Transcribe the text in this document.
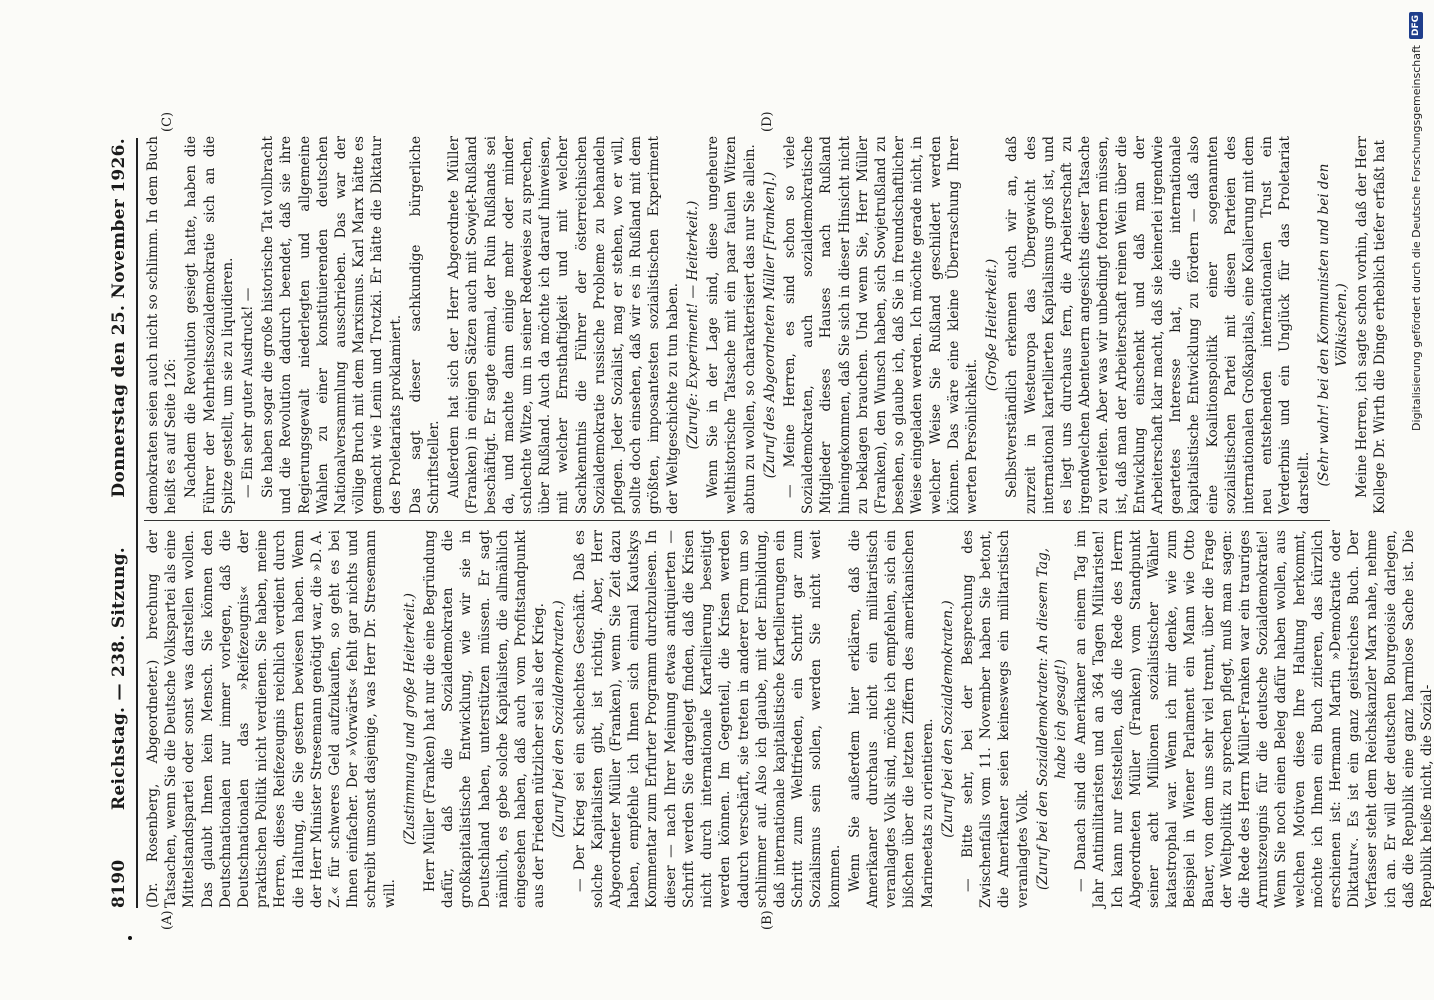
8190
Reichstag. — 238. Sitzung.
Donnerstag den 25. November 1926.
(A)	(B)
(C)	(D)

(Dr. Rosenberg, Abgeordneter.) brechung der Tatsachen, wenn Sie die Deutsche Volkspartei als eine Mittelstandspartei oder sonst was darstellen wollen. Das glaubt Ihnen kein Mensch. Sie können den Deutschnationalen nur immer vorlegen, daß die Deutschnationalen das »Reifezeugnis« der praktischen Politik nicht verdienen. Sie haben, meine Herren, dieses Reifezeugnis reichlich verdient durch die Haltung, die Sie gestern bewiesen haben. Wenn der Herr Minister Stresemann genötigt war, die »D. A. Z.« für schweres Geld aufzukaufen, so geht es bei Ihnen einfacher. Der »Vorwärts« fehlt gar nichts und schreibt umsonst dasjenige, was Herr Dr. Stresemann will.

(Zustimmung und große Heiterkeit.) Herr Müller (Franken) hat nur die eine Begründung dafür, daß die Sozialdemokraten die großkapitalistische Entwicklung, wie wir sie in Deutschland haben, unterstützen müssen. Er sagt nämlich, es gebe solche Kapitalisten, die allmählich eingesehen haben, daß auch vom Profitstandpunkt aus der Frieden nützlicher sei als der Krieg. (Zuruf bei den Sozialdemokraten.) — Der Krieg sei ein schlechtes Geschäft. Daß es solche Kapitalisten gibt, ist richtig. Aber, Herr Abgeordneter Müller (Franken), wenn Sie Zeit dazu haben, empfehle ich Ihnen sich einmal Kautskys Kommentar zum Erfurter Programm durchzulesen. In dieser — nach Ihrer Meinung etwas antiquierten — Schrift werden Sie dargelegt finden, daß die Krisen nicht durch internationale Kartellierung beseitigt werden können. Im Gegenteil, die Krisen werden dadurch verschärft, sie treten in anderer Form um so schlimmer auf. Also ich glaube, mit der Einbildung, daß internationale kapitalistische Kartellierungen ein Schritt zum Weltfrieden, ein Schritt gar zum Sozialismus sein sollen, werden Sie nicht weit kommen. Wenn Sie außerdem hier erklären, daß die Amerikaner durchaus nicht ein militaristisch veranlagtes Volk sind, möchte ich empfehlen, sich ein bißchen über die letzten Ziffern des amerikanischen Marineetats zu orientieren. (Zuruf bei den Sozialdemokraten.) — Bitte sehr, bei der Besprechung des Zwischenfalls vom 11. November haben Sie betont, die Amerikaner seien keineswegs ein militaristisch veranlagtes Volk. (Zuruf bei den Sozialdemokraten: An diesem Tag, habe ich gesagt!) — Danach sind die Amerikaner an einem Tag im Jahr Antimilitaristen und an 364 Tagen Militaristen! Ich kann nur feststellen, daß die Rede des Herrn Abgeordneten Müller (Franken) vom Standpunkt seiner acht Millionen sozialistischer Wähler katastrophal war. Wenn ich mir denke, wie zum Beispiel in Wiener Parlament ein Mann wie Otto Bauer, von dem uns sehr viel trennt, über die Frage der Weltpolitik zu sprechen pflegt, muß man sagen: die Rede des Herrn Müller-Franken war ein trauriges Armutszeugnis für die deutsche Sozialdemokratie! Wenn Sie noch einen Beleg dafür haben wollen, aus welchen Motiven diese Ihre Haltung herkommt, möchte ich Ihnen ein Buch zitieren, das kürzlich erschienen ist: Hermann Martin »Demokratie oder Diktatur«. Es ist ein ganz geistreiches Buch. Der Verfasser steht dem Reichskanzler Marx nahe, nehme ich an. Er will der deutschen Bourgeoisie darlegen, daß die Republik eine ganz harmlose Sache ist. Die Republik heiße nicht, die Sozial-

demokraten seien auch nicht so schlimm. In dem Buch heißt es auf Seite 126: Nachdem die Revolution gesiegt hatte, haben die Führer der Mehrheitssozialdemokratie sich an die Spitze gestellt, um sie zu liquidieren. — Ein sehr guter Ausdruck! — Sie haben sogar die große historische Tat vollbracht und die Revolution dadurch beendet, daß sie ihre Regierungsgewalt niederlegten und allgemeine Wahlen zu einer konstituierenden deutschen Nationalversammlung ausschrieben. Das war der völlige Bruch mit dem Marxismus. Karl Marx hätte es gemacht wie Lenin und Trotzki. Er hätte die Diktatur des Proletariats proklamiert. Das sagt dieser sachkundige bürgerliche Schriftsteller. Außerdem hat sich der Herr Abgeordnete Müller (Franken) in einigen Sätzen auch mit Sowjet-Rußland beschäftigt. Er sagte einmal, der Ruin Rußlands sei da, und machte dann einige mehr oder minder schlechte Witze, um in seiner Redeweise zu sprechen, über Rußland. Auch da möchte ich darauf hinweisen, mit welcher Ernsthaftigkeit und mit welcher Sachkenntnis die Führer der österreichischen Sozialdemokratie russische Probleme zu behandeln pflegen. Jeder Sozialist, mag er stehen, wo er will, sollte doch einsehen, daß wir es in Rußland mit dem größten, imposantesten sozialistischen Experiment der Weltgeschichte zu tun haben. (Zurufe: Experiment! — Heiterkeit.) Wenn Sie in der Lage sind, diese ungeheure welthistorische Tatsache mit ein paar faulen Witzen abtun zu wollen, so charakterisiert das nur Sie allein. (Zuruf des Abgeordneten Müller [Franken].) — Meine Herren, es sind schon so viele Sozialdemokraten, auch sozialdemokratische Mitglieder dieses Hauses nach Rußland hineingekommen, daß Sie sich in dieser Hinsicht nicht zu beklagen brauchen. Und wenn Sie, Herr Müller (Franken), den Wunsch haben, sich Sowjetrußland zu besehen, so glaube ich, daß Sie in freundschaftlicher Weise eingeladen werden. Ich möchte gerade nicht, in welcher Weise Sie Rußland geschildert werden können. Das wäre eine kleine Überraschung Ihrer werten Persönlichkeit.

(Große Heiterkeit.) Selbstverständlich erkennen auch wir an, daß zurzeit in Westeuropa das Übergewicht des international kartellierten Kapitalismus groß ist, und es liegt uns durchaus fern, die Arbeiterschaft zu irgendwelchen Abenteuern angesichts dieser Tatsache zu verleiten. Aber was wir unbedingt fordern müssen, ist, daß man der Arbeiterschaft reinen Wein über die Entwicklung einschenkt und daß man der Arbeiterschaft klar macht, daß sie keinerlei irgendwie geartetes Interesse hat, die internationale kapitalistische Entwicklung zu fördern — daß also eine Koalitionspolitik einer sogenannten sozialistischen Partei mit diesen Parteien des internationalen Großkapitals, eine Koalierung mit dem neu entstehenden internationalen Trust ein Verderbnis und ein Unglück für das Proletariat darstellt. (Sehr wahr! bei den Kommunisten und bei den Völkischen.) Meine Herren, ich sagte schon vorhin, daß der Herr Kollege Dr. Wirth die Dinge erheblich tiefer erfaßt hat Digitalisierung gefördert durch die Deutsche Forschungsgemeinschaft
DFG
